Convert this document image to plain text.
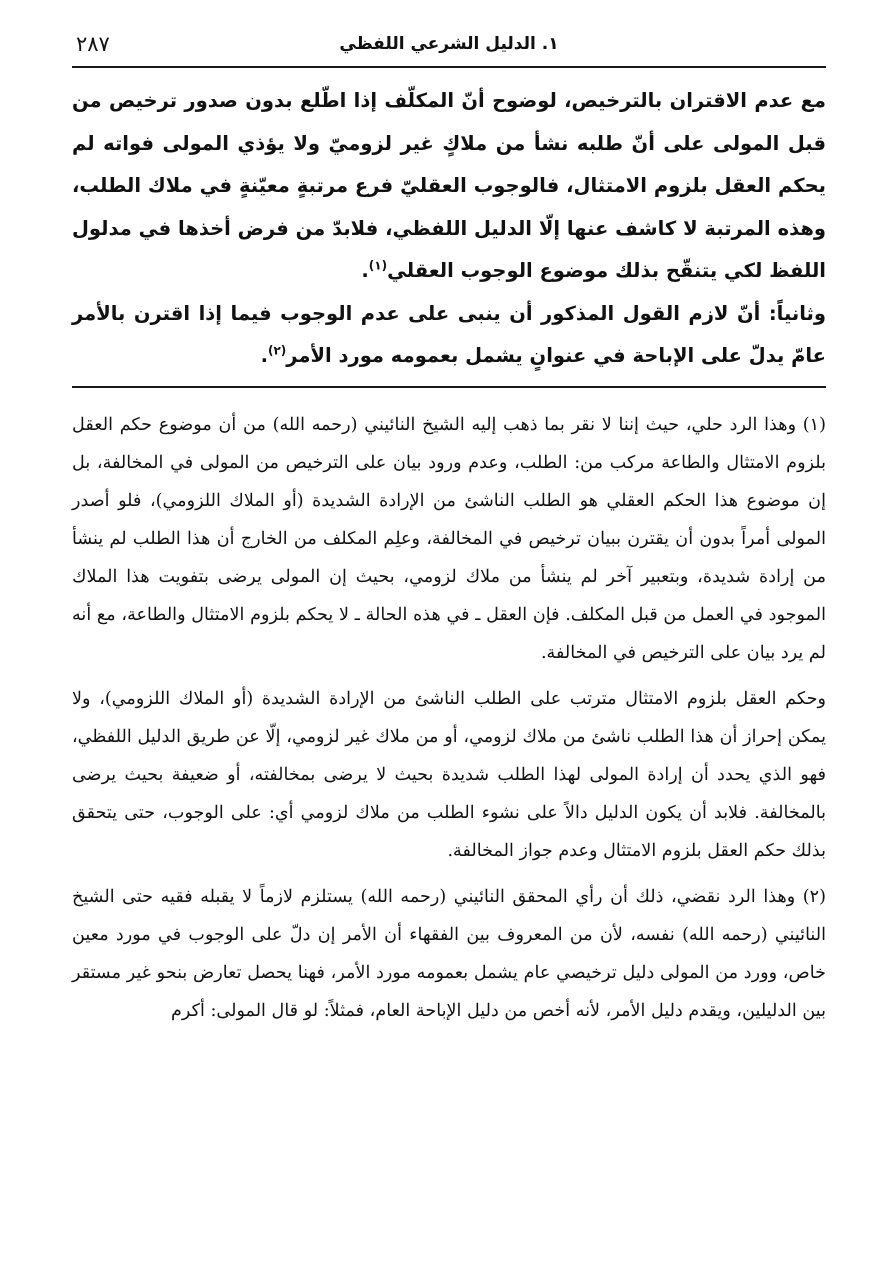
١. الدليل الشرعي اللفظي
٢٨٧

مع عدم الاقتران بالترخيص، لوضوح أنّ المكلّف إذا اطّلع بدون صدور ترخيص من قبل المولى على أنّ طلبه نشأ من ملاكٍ غير لزوميّ ولا يؤذي المولى فواته لم يحكم العقل بلزوم الامتثال، فالوجوب العقليّ فرع مرتبةٍ معيّنةٍ في ملاك الطلب، وهذه المرتبة لا كاشف عنها إلّا الدليل اللفظي، فلابدّ من فرض أخذها في مدلول اللفظ لكي يتنقّح بذلك موضوع الوجوب العقلي$^{(١)}$.

وثانياً: أنّ لازم القول المذكور أن ينبى على عدم الوجوب فيما إذا اقترن بالأمر عامّ يدلّ على الإباحة في عنوانٍ يشمل بعمومه مورد الأمر$^{(٢)}$.

(١) وهذا الرد حلي، حيث إننا لا نقر بما ذهب إليه الشيخ النائيني (رحمه الله) من أن موضوع حكم العقل بلزوم الامتثال والطاعة مركب من: الطلب، وعدم ورود بيان على الترخيص من المولى في المخالفة، بل إن موضوع هذا الحكم العقلي هو الطلب الناشئ من الإرادة الشديدة (أو الملاك اللزومي)، فلو أصدر المولى أمراً بدون أن يقترن ببيان ترخيص في المخالفة، وعلِم المكلف من الخارج أن هذا الطلب لم ينشأ من إرادة شديدة، وبتعبير آخر لم ينشأ من ملاك لزومي، بحيث إن المولى يرضى بتفويت هذا الملاك الموجود في العمل من قبل المكلف. فإن العقل ـ في هذه الحالة ـ لا يحكم بلزوم الامتثال والطاعة، مع أنه لم يرد بيان على الترخيص في المخالفة.

وحكم العقل بلزوم الامتثال مترتب على الطلب الناشئ من الإرادة الشديدة (أو الملاك اللزومي)، ولا يمكن إحراز أن هذا الطلب ناشئ من ملاك لزومي، أو من ملاك غير لزومي، إلّا عن طريق الدليل اللفظي، فهو الذي يحدد أن إرادة المولى لهذا الطلب شديدة بحيث لا يرضى بمخالفته، أو ضعيفة بحيث يرضى بالمخالفة. فلابد أن يكون الدليل دالاً على نشوء الطلب من ملاك لزومي أي: على الوجوب، حتى يتحقق بذلك حكم العقل بلزوم الامتثال وعدم جواز المخالفة.

(٢) وهذا الرد نقضي، ذلك أن رأي المحقق النائيني (رحمه الله) يستلزم لازماً لا يقبله فقيه حتى الشيخ النائيني (رحمه الله) نفسه، لأن من المعروف بين الفقهاء أن الأمر إن دلّ على الوجوب في مورد معين خاص، وورد من المولى دليل ترخيصي عام يشمل بعمومه مورد الأمر، فهنا يحصل تعارض بنحو غير مستقر بين الدليلين، ويقدم دليل الأمر، لأنه أخص من دليل الإباحة العام، فمثلاً: لو قال المولى: أكرم
